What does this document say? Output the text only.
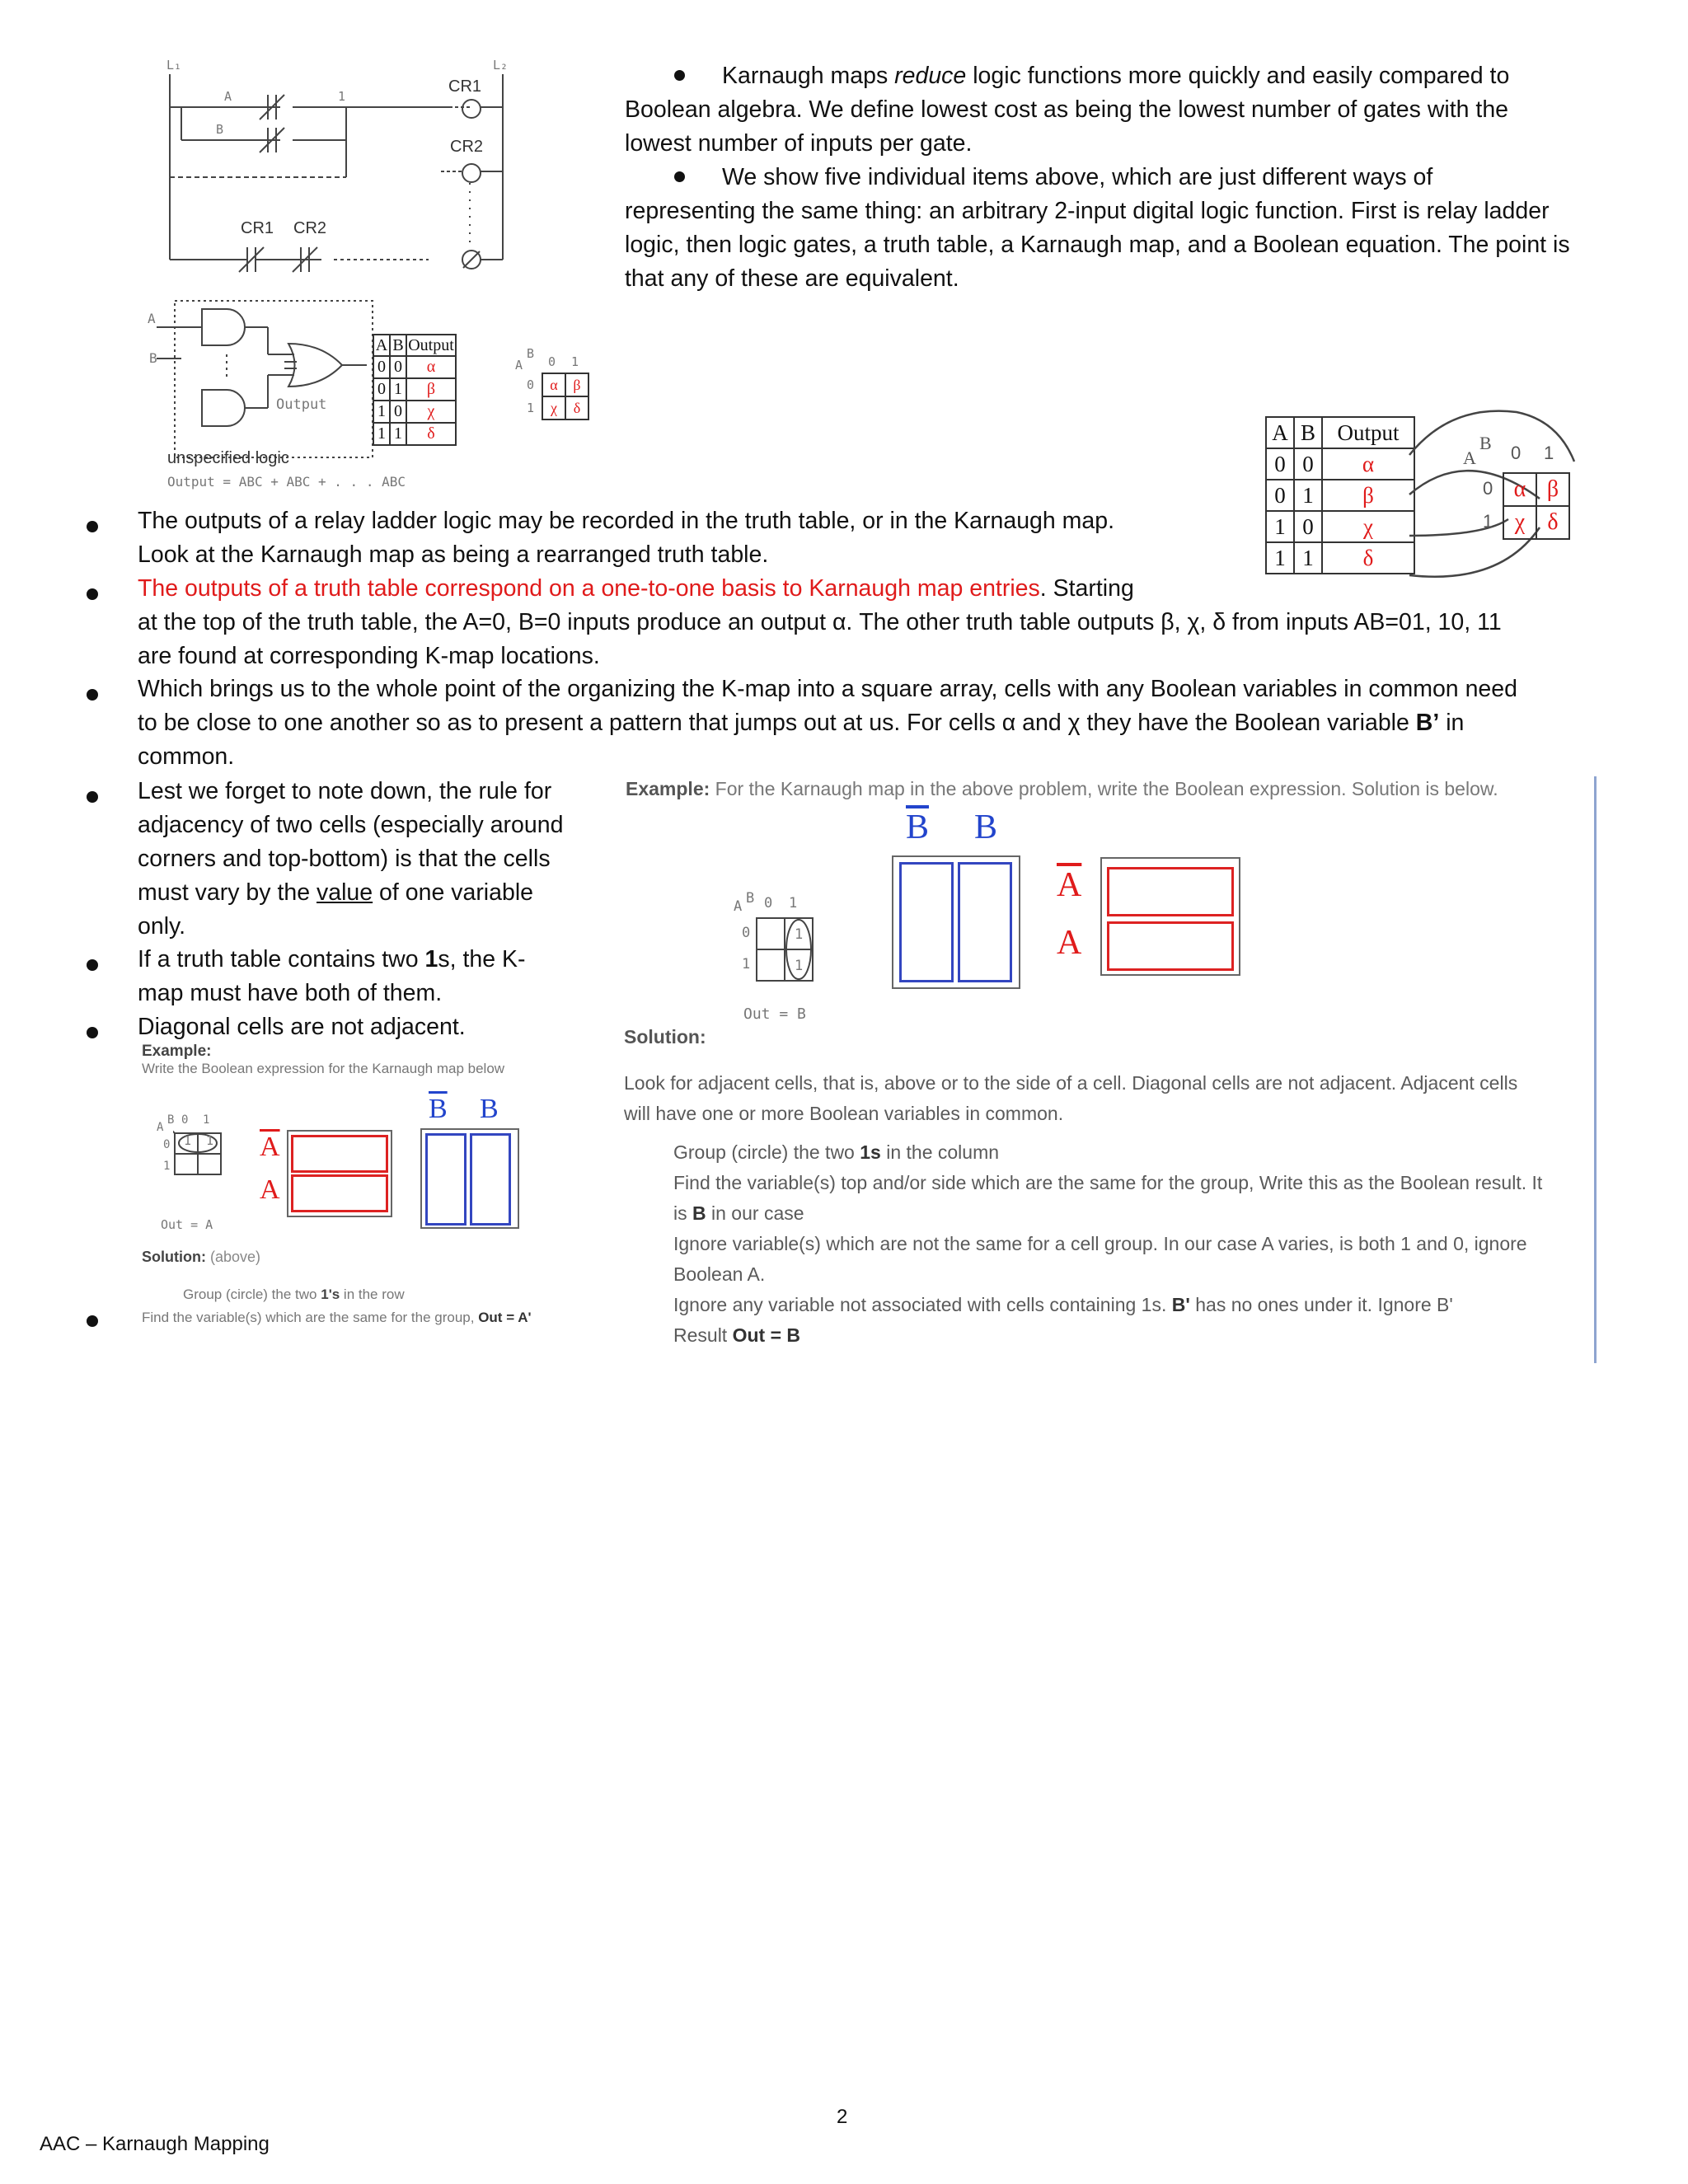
L₁	L₂
A
B
1
CR1
CR2
CR1 CR2
A
B
Output
unspecified logic
Output = ABC + ABC + . . . ABC
A	B	Output
0	0	α
0	1	β
1	0	χ
1	1	δ
A
B
0 1
0
1
α	β
χ	δ
Karnaugh maps reduce logic functions more quickly and easily compared to
Boolean algebra. We define lowest cost as being the lowest number of gates with the
lowest number of inputs per gate.
We show five individual items above, which are just different ways of
representing the same thing: an arbitrary 2-input digital logic function. First is relay ladder
logic, then logic gates, a truth table, a Karnaugh map, and a Boolean equation. The point is
that any of these are equivalent.
A	B	Output
0	0	α
0	1	β
1	0	χ
1	1	δ
A
B 0 1
0
1
α	β
χ	δ
The outputs of a relay ladder logic may be recorded in the truth table, or in the Karnaugh map.
Look at the Karnaugh map as being a rearranged truth table.
The outputs of a truth table correspond on a one-to-one basis to Karnaugh map entries. Starting
at the top of the truth table, the A=0, B=0 inputs produce an output α. The other truth table outputs β, χ, δ from inputs AB=01, 10, 11
are found at corresponding K-map locations.
Which brings us to the whole point of the organizing the K-map into a square array, cells with any Boolean variables in common need
to be close to one another so as to present a pattern that jumps out at us. For cells α and χ they have the Boolean variable B’ in
common.
Lest we forget to note down, the rule for
adjacency of two cells (especially around
corners and top-bottom) is that the cells
must vary by the value of one variable
only.
If a truth table contains two 1s, the K-
map must have both of them.
Diagonal cells are not adjacent.
Example:
Write the Boolean expression for the Karnaugh map below
A
B 0 1
0
1
1 1 $\overline{A}$
A
$\overline{B}$ B
Out = A
Solution: (above)
Group (circle) the two 1's in the row
Find the variable(s) which are the same for the group, Out = A'
Example: For the Karnaugh map in the above problem, write the Boolean expression. Solution is below.
$\overline{B}$ B
$\overline{A}$
A
A B 0 1
0
1
1
1
Out = B
Solution:
Look for adjacent cells, that is, above or to the side of a cell. Diagonal cells are not adjacent. Adjacent cells
will have one or more Boolean variables in common.
Group (circle) the two 1s in the column
Find the variable(s) top and/or side which are the same for the group, Write this as the Boolean result. It
is B in our case
Ignore variable(s) which are not the same for a cell group. In our case A varies, is both 1 and 0, ignore
Boolean A.
Ignore any variable not associated with cells containing 1s. B' has no ones under it. Ignore B'
Result Out = B
2
AAC – Karnaugh Mapping
